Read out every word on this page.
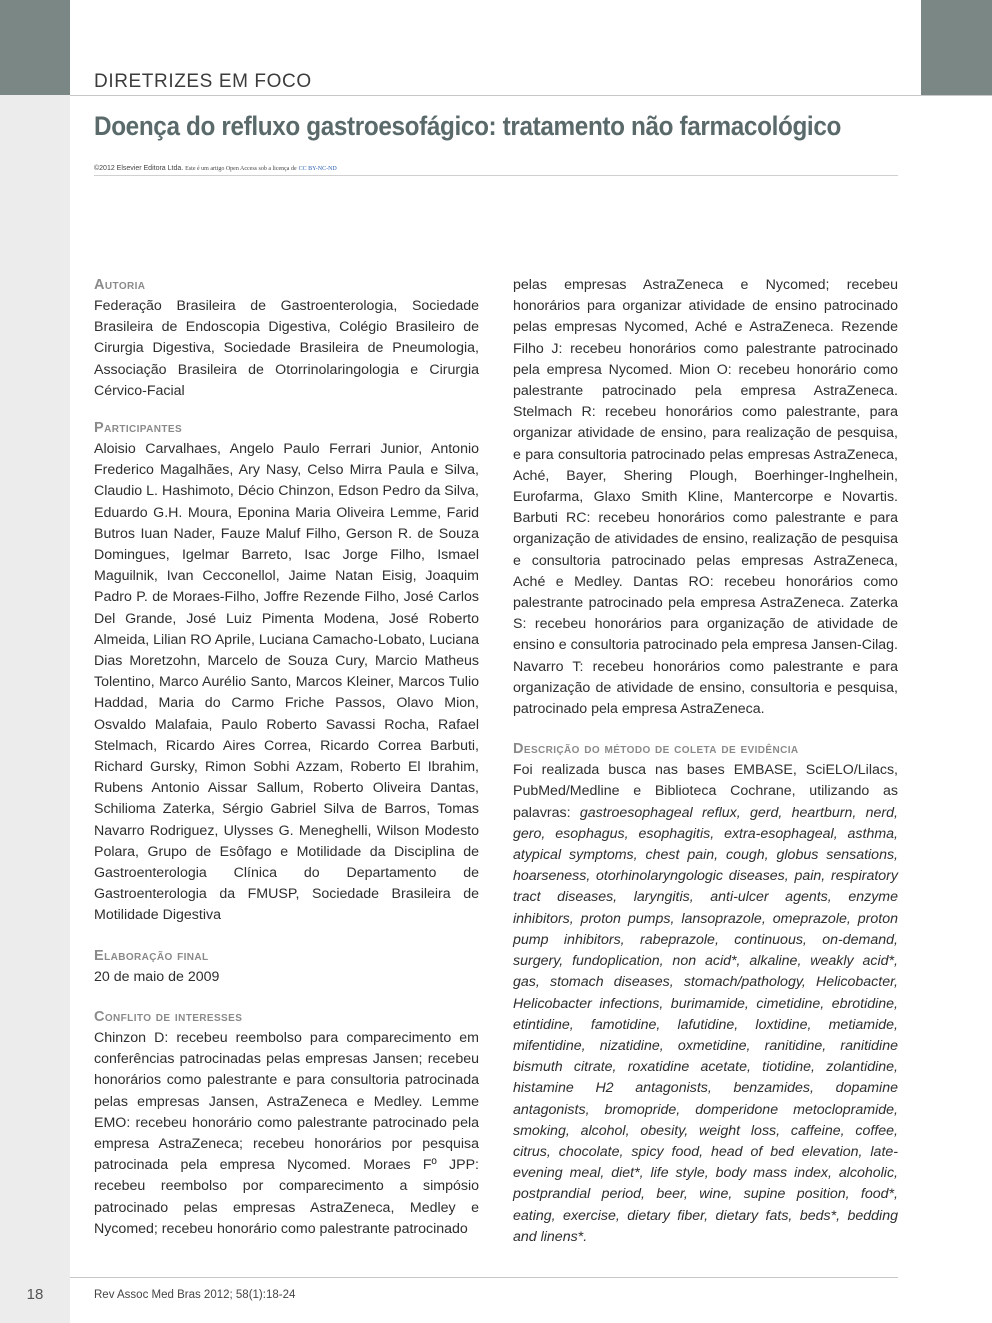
DIRETRIZES EM FOCO
Doença do refluxo gastroesofágico: tratamento não farmacológico
©2012 Elsevier Editora Ltda. Este é um artigo Open Access sob a licença de CC BY-NC-ND
Autoria

Federação Brasileira de Gastroenterologia, Sociedade Brasileira de Endoscopia Digestiva, Colégio Brasileiro de Cirurgia Digestiva, Sociedade Brasileira de Pneumologia, Associação Brasileira de Otorrinolaringologia e Cirurgia Cérvico-Facial

Participantes

Aloisio Carvalhaes, Angelo Paulo Ferrari Junior, Antonio Frederico Magalhães, Ary Nasy, Celso Mirra Paula e Silva, Claudio L. Hashimoto, Décio Chinzon, Edson Pedro da Silva, Eduardo G.H. Moura, Eponina Maria Oliveira Lemme, Farid Butros Iuan Nader, Fauze Maluf Filho, Gerson R. de Souza Domingues, Igelmar Barreto, Isac Jorge Filho, Ismael Maguilnik, Ivan Cecconellol, Jaime Natan Eisig, Joaquim Padro P. de Moraes-Filho, Joffre Rezende Filho, José Carlos Del Grande, José Luiz Pimenta Modena, José Roberto Almeida, Lilian RO Aprile, Luciana Camacho-Lobato, Luciana Dias Moretzohn, Marcelo de Souza Cury, Marcio Matheus Tolentino, Marco Aurélio Santo, Marcos Kleiner, Marcos Tulio Haddad, Maria do Carmo Friche Passos, Olavo Mion, Osvaldo Malafaia, Paulo Roberto Savassi Rocha, Rafael Stelmach, Ricardo Aires Correa, Ricardo Correa Barbuti, Richard Gursky, Rimon Sobhi Azzam, Roberto El Ibrahim, Rubens Antonio Aissar Sallum, Roberto Oliveira Dantas, Schilioma Zaterka, Sérgio Gabriel Silva de Barros, Tomas Navarro Rodriguez, Ulysses G. Meneghelli, Wilson Modesto Polara, Grupo de Esôfago e Motilidade da Disciplina de Gastroenterologia Clínica do Departamento de Gastroenterologia da FMUSP, Sociedade Brasileira de Motilidade Digestiva

Elaboração final

20 de maio de 2009

Conflito de interesses

Chinzon D: recebeu reembolso para comparecimento em conferências patrocinadas pelas empresas Jansen; recebeu honorários como palestrante e para consultoria patrocinada pelas empresas Jansen, AstraZeneca e Medley. Lemme EMO: recebeu honorário como palestrante patrocinado pela empresa AstraZeneca; recebeu honorários por pesquisa patrocinada pela empresa Nycomed. Moraes Fº JPP: recebeu reembolso por comparecimento a simpósio patrocinado pelas empresas AstraZeneca, Medley e Nycomed; recebeu honorário como palestrante patrocinado

pelas empresas AstraZeneca e Nycomed; recebeu honorários para organizar atividade de ensino patrocinado pelas empresas Nycomed, Aché e AstraZeneca. Rezende Filho J: recebeu honorários como palestrante patrocinado pela empresa Nycomed. Mion O: recebeu honorário como palestrante patrocinado pela empresa AstraZeneca. Stelmach R: recebeu honorários como palestrante, para organizar atividade de ensino, para realização de pesquisa, e para consultoria patrocinado pelas empresas AstraZeneca, Aché, Bayer, Shering Plough, Boerhinger-Inghelhein, Eurofarma, Glaxo Smith Kline, Mantercorpe e Novartis. Barbuti RC: recebeu honorários como palestrante e para organização de atividades de ensino, realização de pesquisa e consultoria patrocinado pelas empresas AstraZeneca, Aché e Medley. Dantas RO: recebeu honorários como palestrante patrocinado pela empresa AstraZeneca. Zaterka S: recebeu honorários para organização de atividade de ensino e consultoria patrocinado pela empresa Jansen-Cilag. Navarro T: recebeu honorários como palestrante e para organização de atividade de ensino, consultoria e pesquisa, patrocinado pela empresa AstraZeneca.

Descrição do método de coleta de evidência

Foi realizada busca nas bases EMBASE, SciELO/Lilacs, PubMed/Medline e Biblioteca Cochrane, utilizando as palavras: gastroesophageal reflux, gerd, heartburn, nerd, gero, esophagus, esophagitis, extra-esophageal, asthma, atypical symptoms, chest pain, cough, globus sensations, hoarseness, otorhinolaryngologic diseases, pain, respiratory tract diseases, laryngitis, anti-ulcer agents, enzyme inhibitors, proton pumps, lansoprazole, omeprazole, proton pump inhibitors, rabeprazole, continuous, on-demand, surgery, fundoplication, non acid*, alkaline, weakly acid*, gas, stomach diseases, stomach/pathology, Helicobacter, Helicobacter infections, burimamide, cimetidine, ebrotidine, etintidine, famotidine, lafutidine, loxtidine, metiamide, mifentidine, nizatidine, oxmetidine, ranitidine, ranitidine bismuth citrate, roxatidine acetate, tiotidine, zolantidine, histamine H2 antagonists, benzamides, dopamine antagonists, bromopride, domperidone metoclopramide, smoking, alcohol, obesity, weight loss, caffeine, coffee, citrus, chocolate, spicy food, head of bed elevation, late-evening meal, diet*, life style, body mass index, alcoholic, postprandial period, beer, wine, supine position, food*, eating, exercise, dietary fiber, dietary fats, beds*, bedding and linens*.

18	Rev Assoc Med Bras 2012; 58(1):18-24
